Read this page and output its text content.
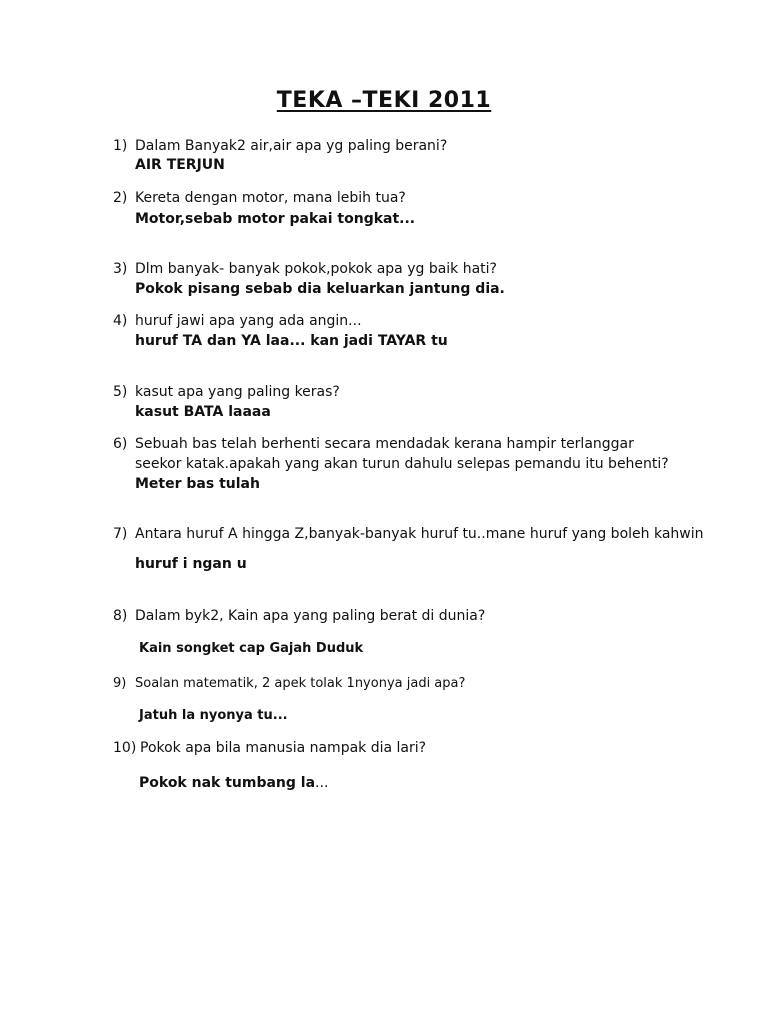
TEKA –TEKI 2011
1) Dalam Banyak2 air,air apa yg paling berani?
AIR TERJUN
2) Kereta dengan motor, mana lebih tua?
Motor,sebab motor pakai tongkat...
3) Dlm banyak- banyak pokok,pokok apa yg baik hati?
Pokok pisang sebab dia keluarkan jantung dia.
4) huruf jawi apa yang ada angin...
huruf TA dan YA laa... kan jadi TAYAR tu
5) kasut apa yang paling keras?
kasut BATA laaaa
6) Sebuah bas telah berhenti secara mendadak kerana hampir terlanggar
seekor katak.apakah yang akan turun dahulu selepas pemandu itu behenti?
Meter bas tulah
7) Antara huruf A hingga Z,banyak-banyak huruf tu..mane huruf yang boleh kahwin
huruf i ngan u
8) Dalam byk2, Kain apa yang paling berat di dunia?
Kain songket cap Gajah Duduk
9) Soalan matematik, 2 apek tolak 1nyonya jadi apa?
Jatuh la nyonya tu...
10) Pokok apa bila manusia nampak dia lari?
Pokok nak tumbang la...
